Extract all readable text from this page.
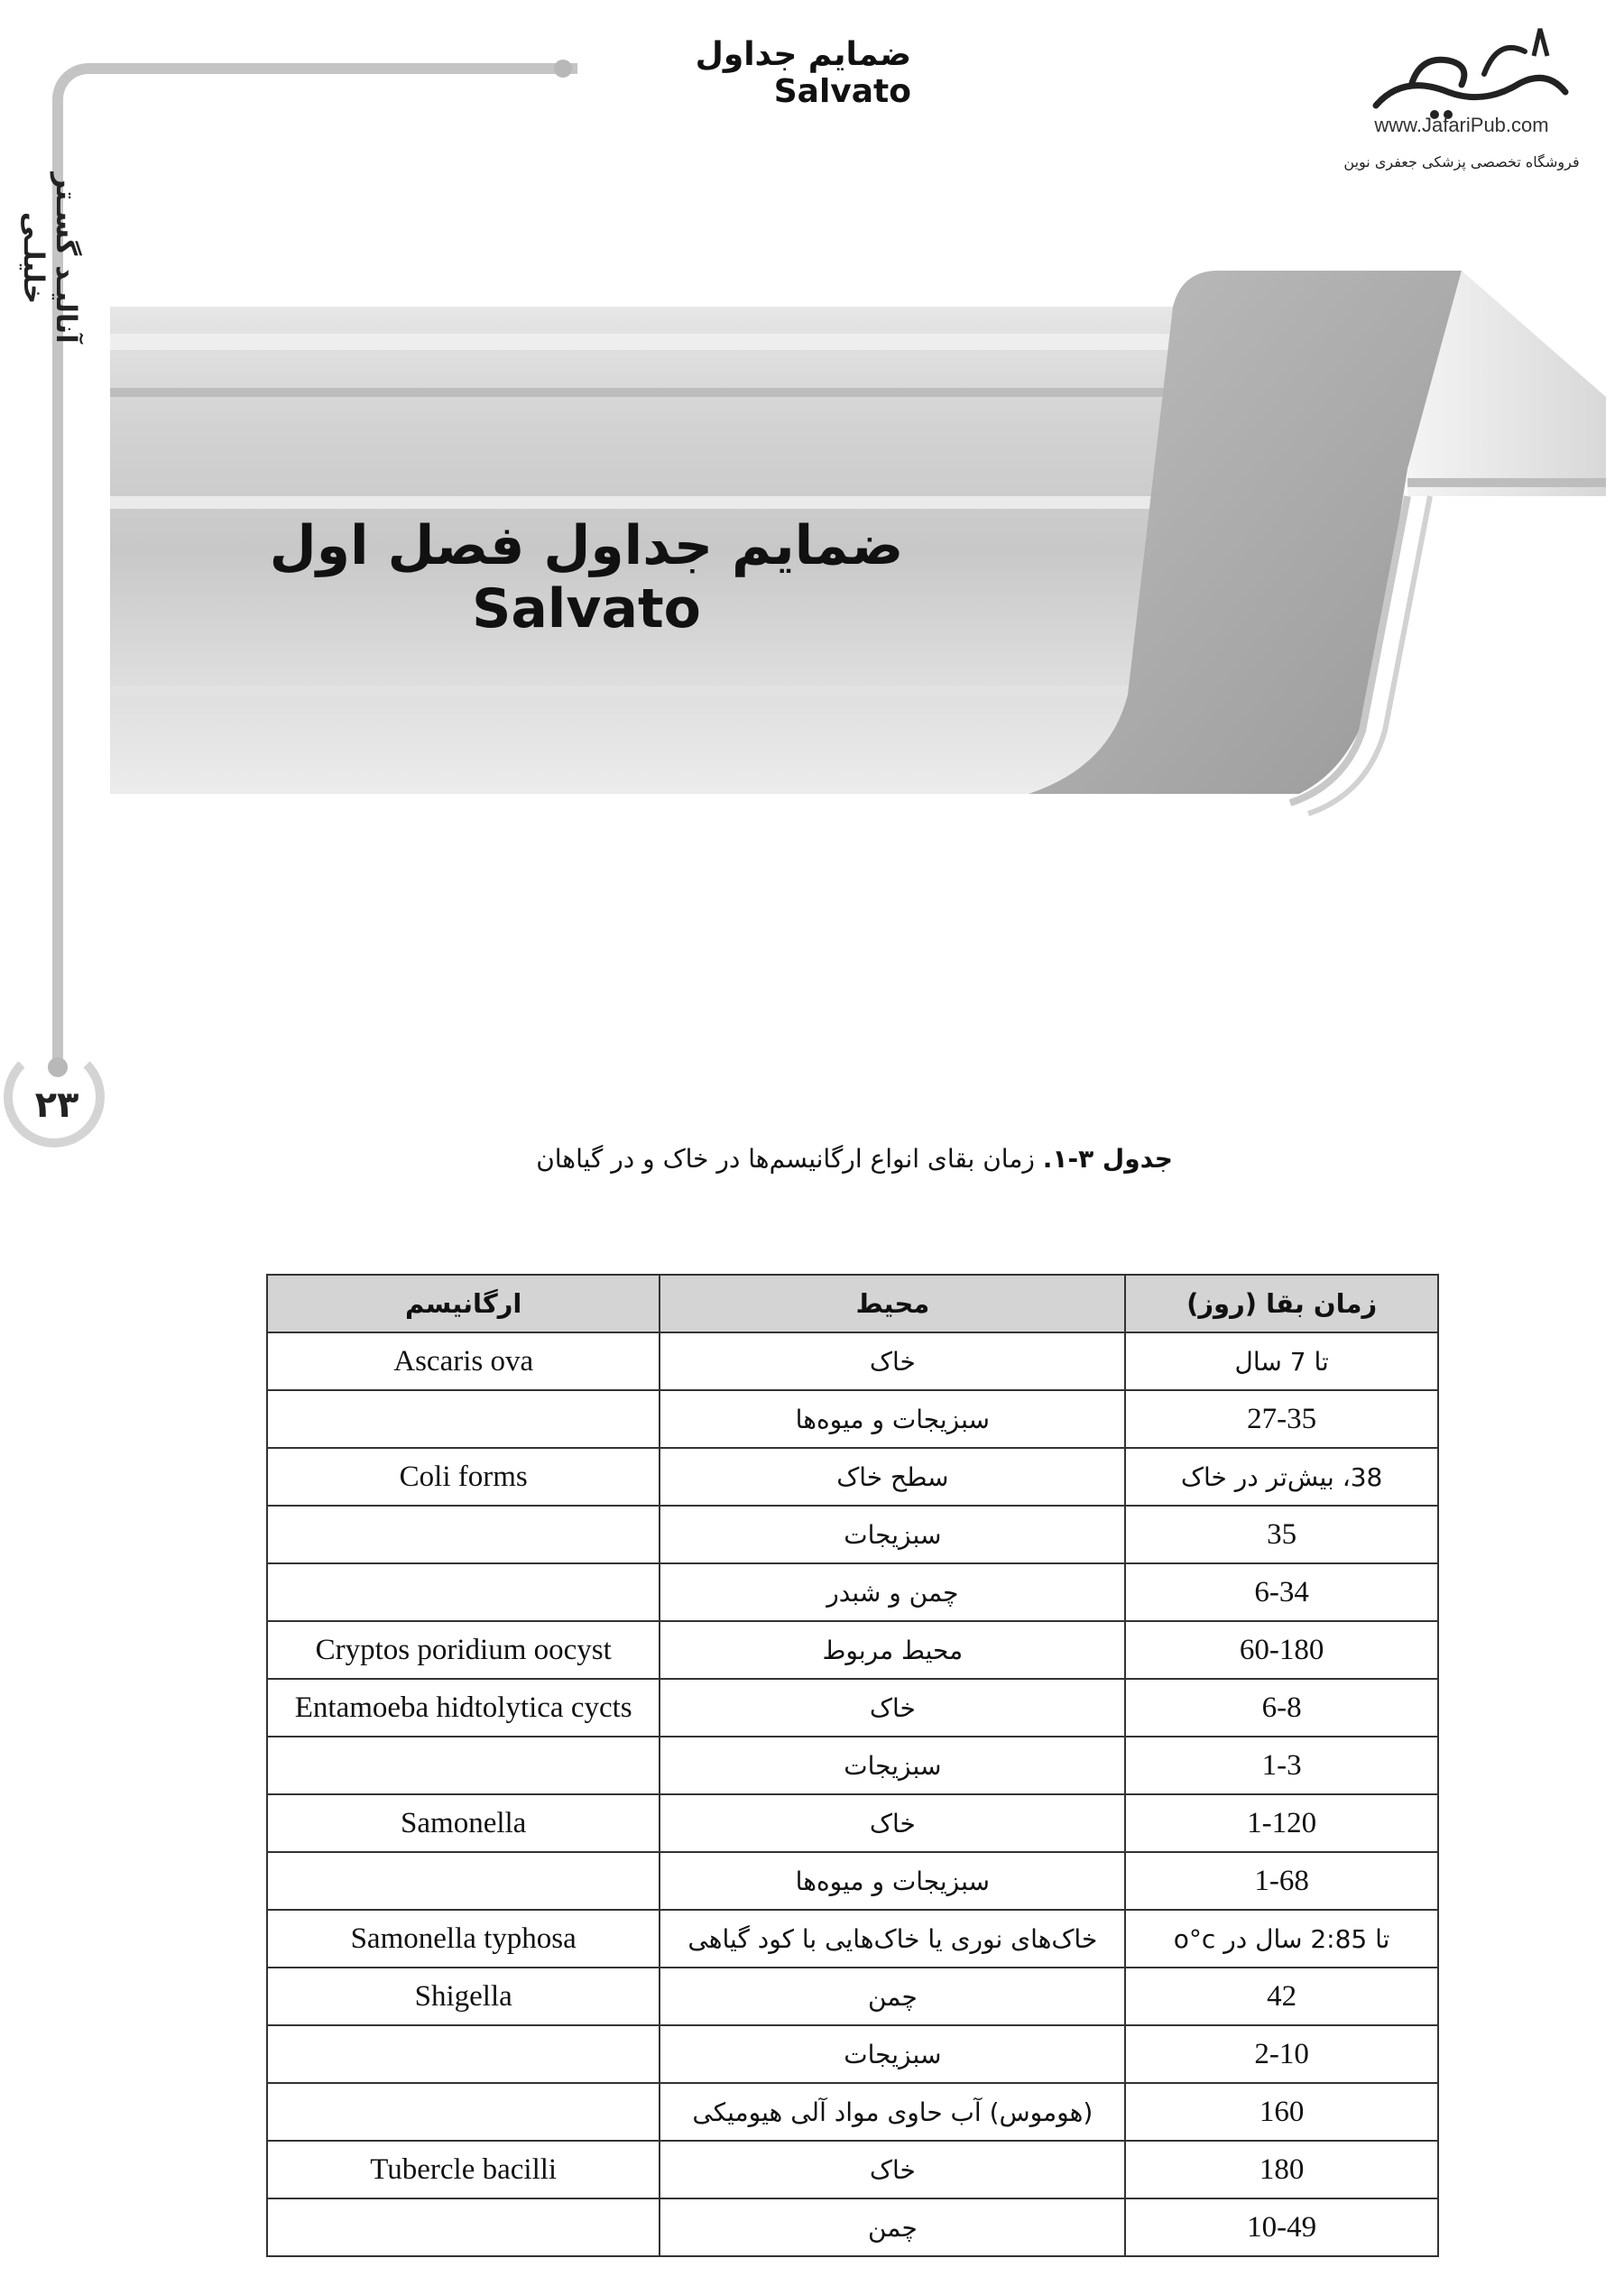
آنالیـد گسـتر خلیلـی
۲۳
ضمایم جداول Salvato
www.JafariPub.com
فروشگاه تخصصی پزشکی جعفری نوین
ضمایم جداول فصل اول Salvato
جدول ۳-۱. زمان بقای انواع ارگانیسم‌ها در خاک و در گیاهان
زمان بقا (روز)	محیط	ارگانیسم
تا 7 سال	خاک	Ascaris ova
27-35	سبزیجات و میوه‌ها	
38، بیش‌تر در خاک	سطح خاک	Coli forms
35	سبزیجات	
6-34	چمن و شبدر	
60-180	محیط مربوط	Cryptos poridium oocyst
6-8	خاک	Entamoeba hidtolytica cycts
1-3	سبزیجات	
1-120	خاک	Samonella
1-68	سبزیجات و میوه‌ها	
تا 2:85 سال در o°c	خاک‌های نوری یا خاک‌هایی با کود گیاهی	Samonella typhosa
42	چمن	Shigella
2-10	سبزیجات	
160	(هوموس) آب حاوی مواد آلی هیومیکی	
180	خاک	Tubercle bacilli
10-49	چمن	
